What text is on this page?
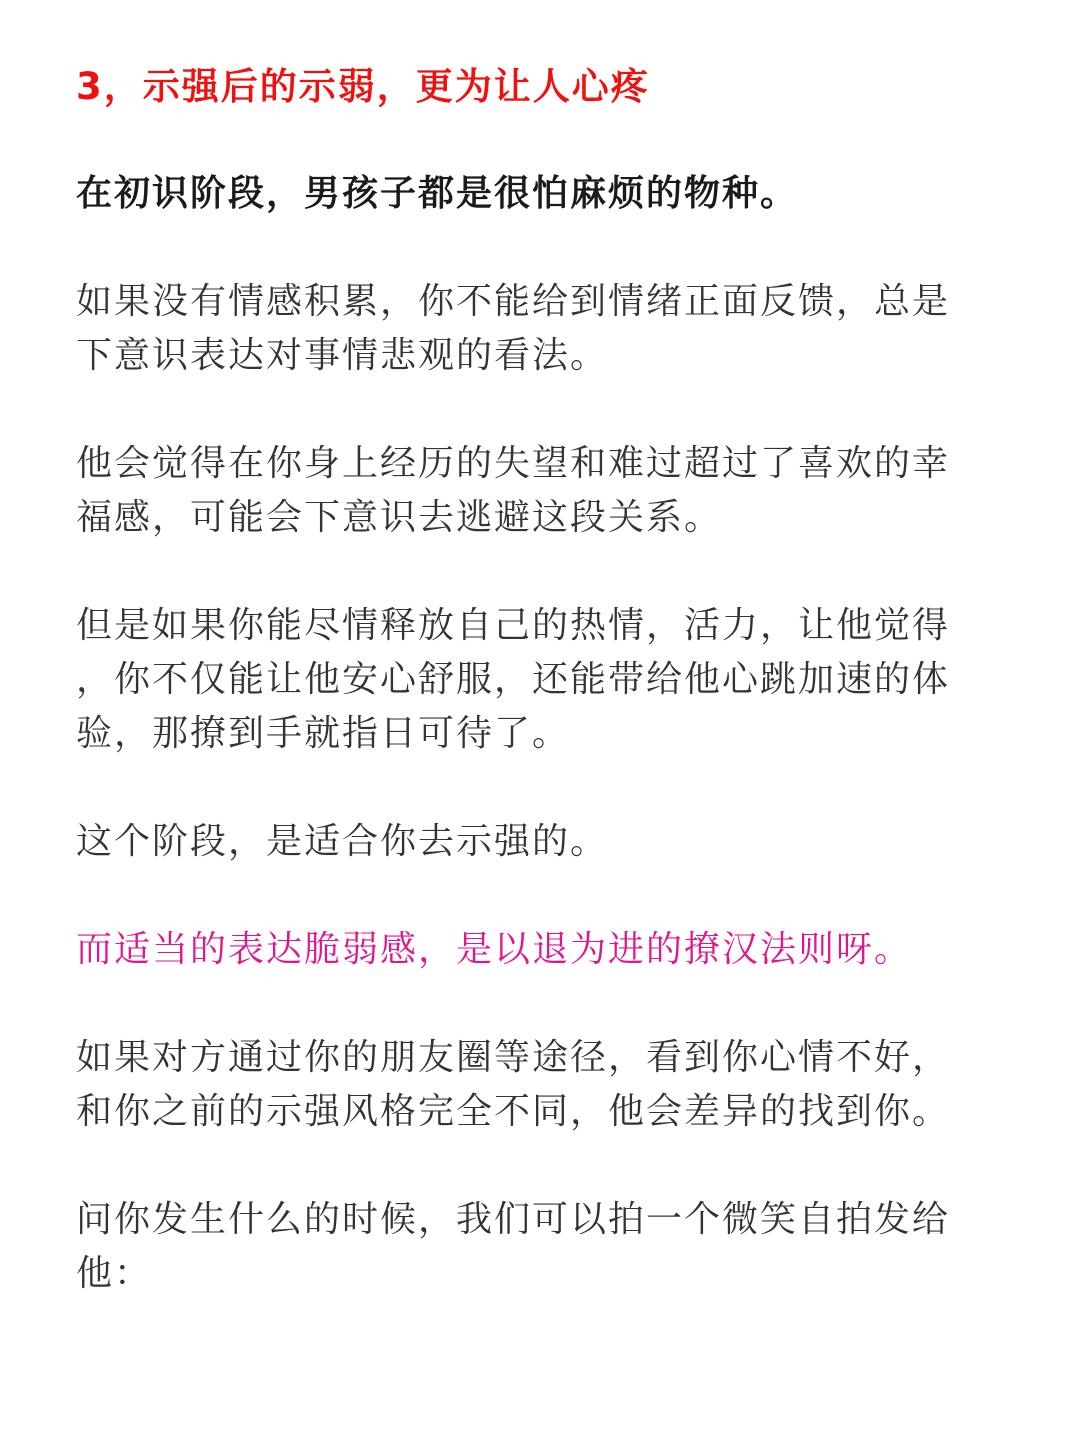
3，示强后的示弱，更为让人心疼

在初识阶段，男孩子都是很怕麻烦的物种。

如果没有情感积累，你不能给到情绪正面反馈，总是
下意识表达对事情悲观的看法。

他会觉得在你身上经历的失望和难过超过了喜欢的幸
福感，可能会下意识去逃避这段关系。

但是如果你能尽情释放自己的热情，活力，让他觉得
，你不仅能让他安心舒服，还能带给他心跳加速的体
验，那撩到手就指日可待了。

这个阶段，是适合你去示强的。

而适当的表达脆弱感，是以退为进的撩汉法则呀。

如果对方通过你的朋友圈等途径，看到你心情不好，
和你之前的示强风格完全不同，他会差异的找到你。

问你发生什么的时候，我们可以拍一个微笑自拍发给
他：
